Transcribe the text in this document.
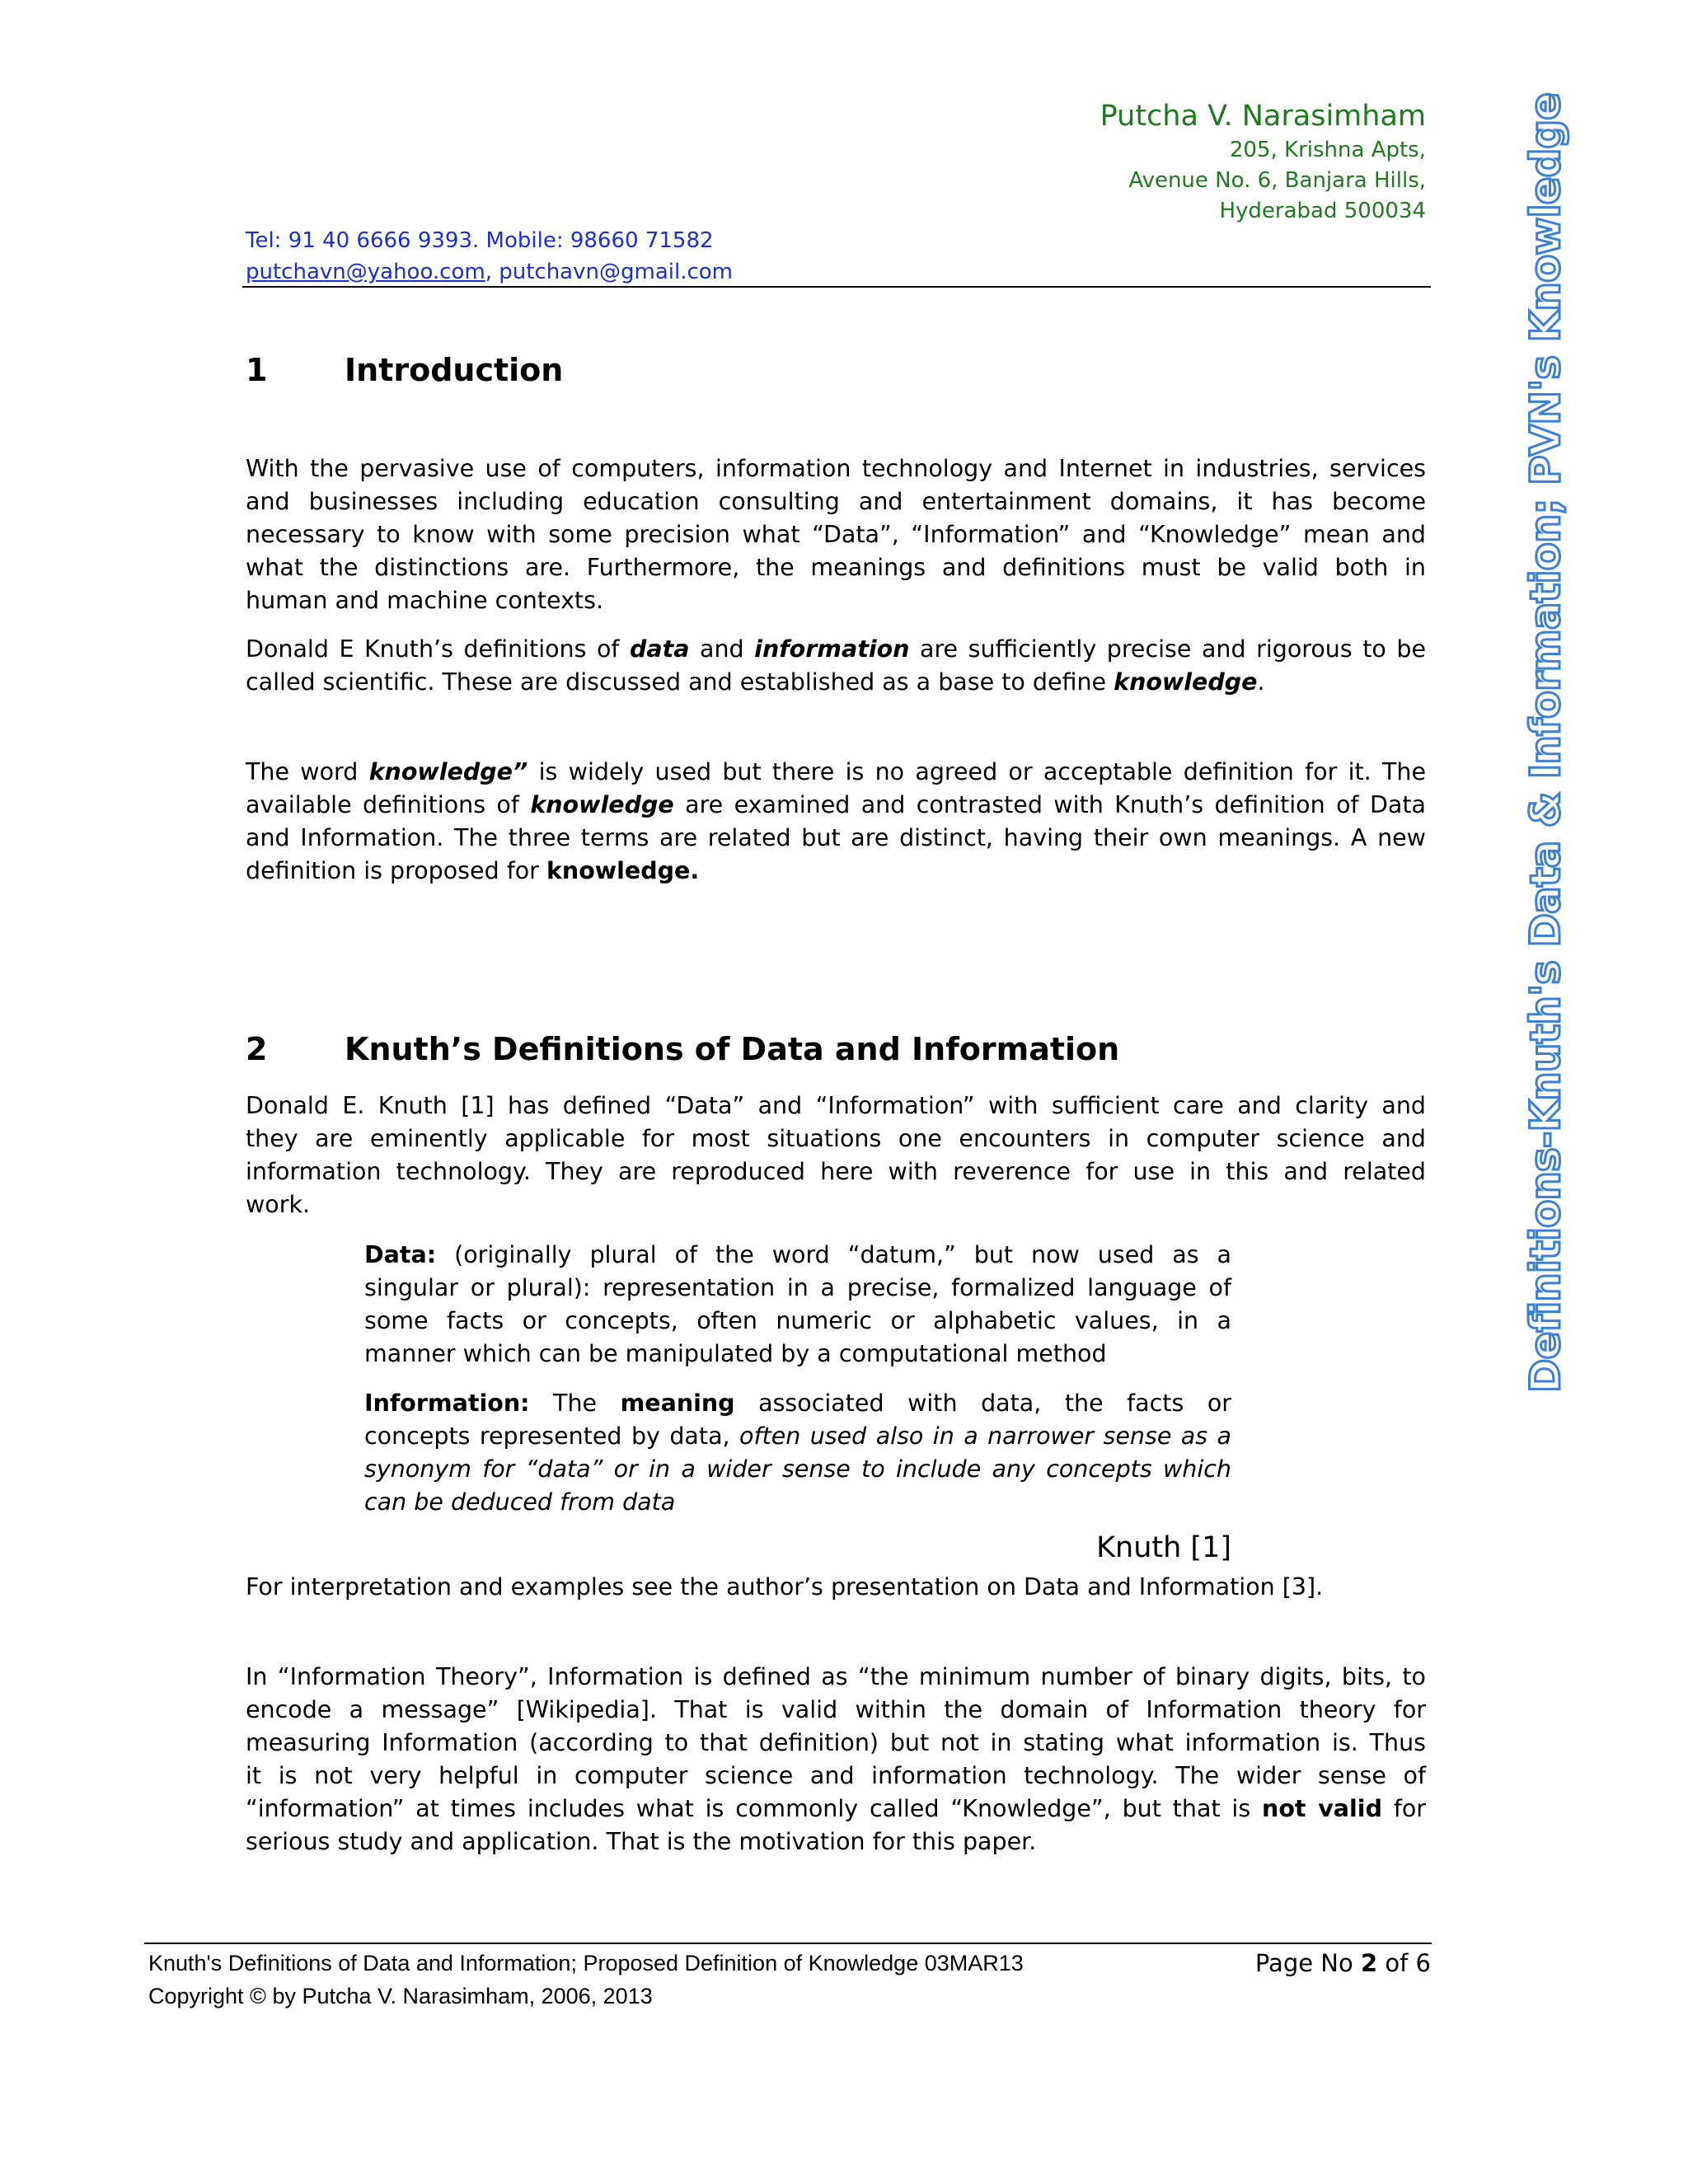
Putcha V. Narasimham
205, Krishna Apts,
Avenue No. 6, Banjara Hills,
Hyderabad 500034
Tel: 91 40 6666 9393. Mobile: 98660 71582
putchavn@yahoo.com, putchavn@gmail.com
1 Introduction
With the pervasive use of computers, information technology and Internet in industries, services
and businesses including education consulting and entertainment domains, it has become
necessary to know with some precision what “Data”, “Information” and “Knowledge” mean and
what the distinctions are. Furthermore, the meanings and definitions must be valid both in
human and machine contexts.
Donald E Knuth’s definitions of data and information are sufficiently precise and rigorous to be
called scientific. These are discussed and established as a base to define knowledge.
The word knowledge” is widely used but there is no agreed or acceptable definition for it. The
available definitions of knowledge are examined and contrasted with Knuth’s definition of Data
and Information. The three terms are related but are distinct, having their own meanings. A new
definition is proposed for knowledge.
2 Knuth’s Definitions of Data and Information
Donald E. Knuth [1] has defined “Data” and “Information” with sufficient care and clarity and
they are eminently applicable for most situations one encounters in computer science and
information technology. They are reproduced here with reverence for use in this and related
work.
Data: (originally plural of the word “datum,” but now used as a
singular or plural): representation in a precise, formalized language of
some facts or concepts, often numeric or alphabetic values, in a
manner which can be manipulated by a computational method
Information: The meaning associated with data, the facts or
concepts represented by data, often used also in a narrower sense as a
synonym for “data” or in a wider sense to include any concepts which
can be deduced from data
Knuth [1]
For interpretation and examples see the author’s presentation on Data and Information [3].
In “Information Theory”, Information is defined as “the minimum number of binary digits, bits, to
encode a message” [Wikipedia]. That is valid within the domain of Information theory for
measuring Information (according to that definition) but not in stating what information is. Thus
it is not very helpful in computer science and information technology. The wider sense of
“information” at times includes what is commonly called “Knowledge”, but that is not valid for
serious study and application. That is the motivation for this paper.
Definitions-Knuth's Data & Information; PVN's Knowledge
Knuth's Definitions of Data and Information; Proposed Definition of Knowledge 03MAR13
Copyright © by Putcha V. Narasimham, 2006, 2013
Page No 2 of 6
